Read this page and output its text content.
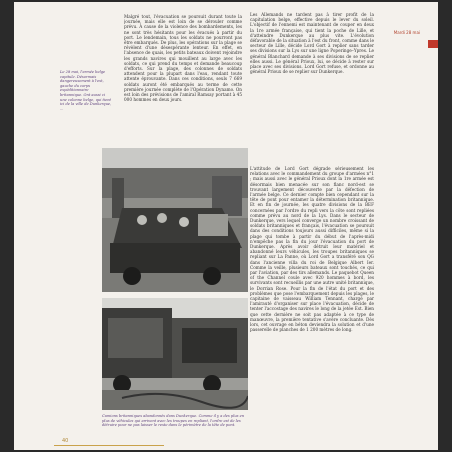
Mardi 28 mai
Le 28 mai, l'armée belge capitule. Désormais dangereusement à l'est, gauche du corps expéditionnaire britannique. Ont aussi ci une colonne belge, qui tient ici de la ville de Dunkerque, ...
Malgré tout, l'évacuation se poursuit durant toute la journée, mais elle est loin de se dérouler comme prévu. À cause de la violence des bombardements, les ne sont très hésitants pour les évacués à partir du port. Le lendemain, tous les soldats ne pourront pas être embarqués. De plus, les opérations sur la plage se révèlent d'une désespérante lenteur. En effet, en l'absence de quais, les petits bateaux doivent rejoindre les grands navires qui mouillent au large avec les soldats, ce qui prend du temps et demande beaucoup d'efforts. Sur la plage, des colonnes de soldats attendent pour la plupart dans l'eau, rendant toute attente éprouvante. Dans ces conditions, seuls 7 669 soldats auront été embarqués au terme de cette première journée complète de l'Opération Dynamo. On est loin des prévisions de l'amiral Ramsay portant à 45 000 hommes en deux jours.
Les Allemands ne tardent pas à tirer profit de la capitulation belge, effective depuis le lever du soleil. L'objectif de l'ennemi est maintenant de couper en deux la 1re armée française, qui tient la poche de Lille, et d'atteindre Dunkerque au plus vite. L'évolution défavorable de la situation à l'est du front, comme dans le secteur de Lille, décide Lord Gort à replier sans tarder ses divisions sur la Lys sur une ligne Poperinge–Ypres. Le général Blanchard demande à ses divisions de se replier elles aussi. Le général Prioux, lui, se décide à rester sur place avec ses divisions. Lord Gort refuse, et ordonne au général Prioux de se replier sur Dunkerque.
L'attitude de Lord Gort dégrade sérieusement les relations avec le commandement du groupe d'armées n°1 ; mais aussi avec le général Prioux dont la 1re armée est désormais bien menacée sur son flanc nord-est se trouvant largement découverte par la défection de l'armée belge. Ce dernier compte bien cependant sur la tête de pont pour entamer la détermination britannique. Et en fin de journée, les quatre divisions de la BEF concernées par l'ordre du repli vers la côte sont repliées comme prévu au nord de la Lys. Dans le secteur de Dunkerque, vers lequel converge un nombre croissant de soldats britanniques et français, l'évacuation se poursuit dans des conditions toujours aussi difficiles, même si la plage qui tombe à partir du début de l'après-midi n'empêche pas la fin du jour l'évacuation du port de Dunkerque. Après avoir détruit leur matériel et abandonné leurs véhicules, les troupes britanniques se repliant sur La Panne, où Lord Gort a transféré son QG dans l'ancienne villa du roi de Belgique Albert Ier. Comme la veille, plusieurs bateaux sont touchés, ce qui par l'aviation, par des tirs allemands. Le paquebot Queen of the Channel coule avec 920 hommes à bord, les survivants sont recueillis par une autre unité britannique, le Dorrian Rose. Pour la fin de l'état du port et des problèmes que pose l'embarquement depuis les plages, le capitaine de vaisseau William Tennant, chargé par l'amirauté d'organiser sur place l'évacuation, décide de tenter l'accostage des navires le long de la jetée Est. Bien que cette dernière ne soit pas adaptée à ce type de manœuvre, la première tentative s'avère concluante. Dès lors, cet ouvrage en béton deviendra la solution et d'une passerelle de planches de 1 200 mètres de long.
Camions britanniques abandonnés dans Dunkerque. Comme il y a des plus en plus de véhicules qui arrivent avec les troupes en repliant, l'ordre est de les détruire pour ne pas laisser le reste dans le périmètre de la tête de pont.
40
